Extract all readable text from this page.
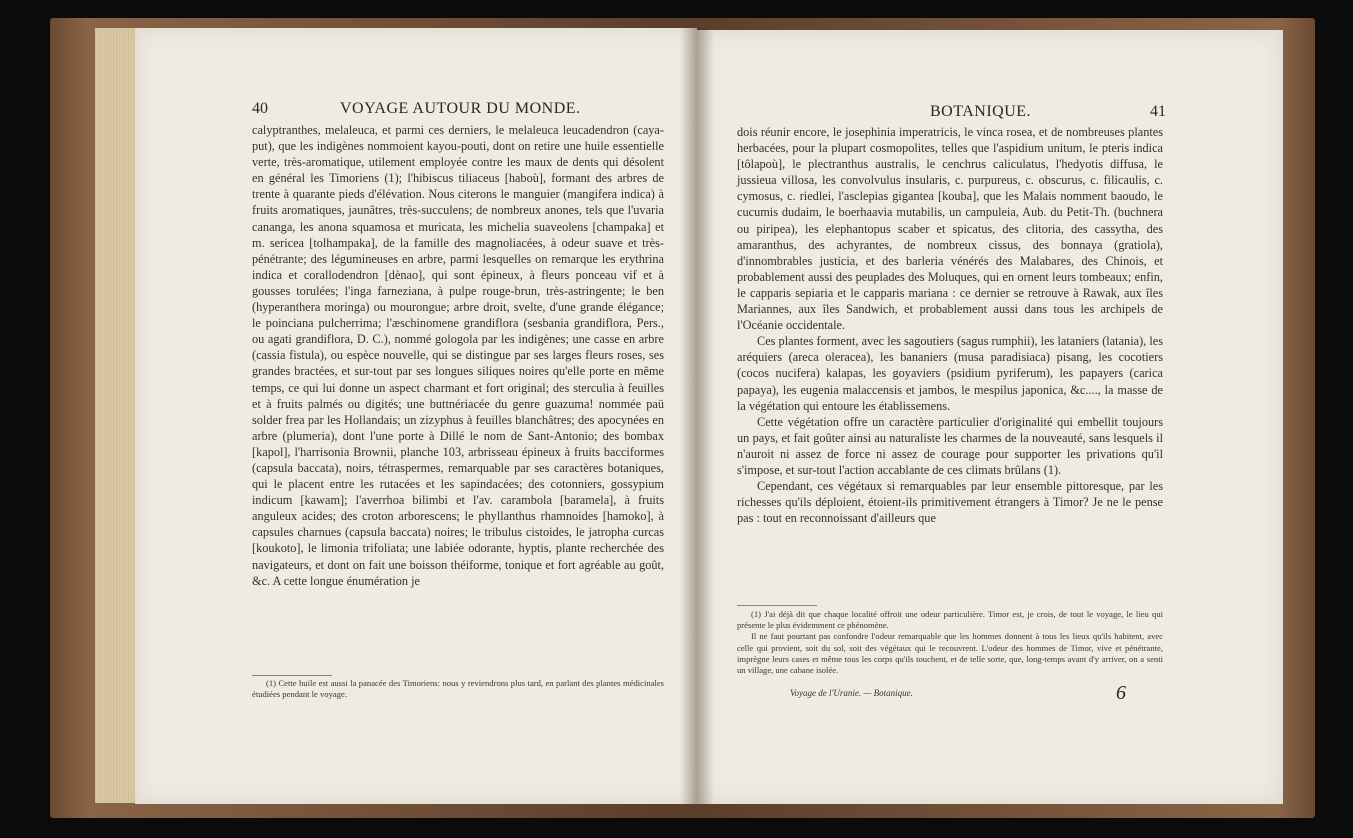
40	VOYAGE AUTOUR DU MONDE.

calyptranthes, melaleuca, et parmi ces derniers, le melaleuca leucadendron (caya-put), que les indigènes nommoient kayou-pouti, dont on retire une huile essentielle verte, très-aromatique, utilement employée contre les maux de dents qui désolent en général les Timoriens (1); l'hibiscus tiliaceus [haboù], formant des arbres de trente à quarante pieds d'élévation. Nous citerons le manguier (mangifera indica) à fruits aromatiques, jaunâtres, très-succulens; de nombreux anones, tels que l'uvaria cananga, les anona squamosa et muricata, les michelia suaveolens [champaka] et m. sericea [tolhampaka], de la famille des magnoliacées, à odeur suave et très-pénétrante; des légumineuses en arbre, parmi lesquelles on remarque les erythrina indica et corallodendron [dènao], qui sont épineux, à fleurs ponceau vif et à gousses torulées; l'inga farneziana, à pulpe rouge-brun, très-astringente; le ben (hyperanthera moringa) ou mourongue; arbre droit, svelte, d'une grande élégance; le poinciana pulcherrima; l'æschinomene grandiflora (sesbania grandiflora, Pers., ou agati grandiflora, D. C.), nommé gologola par les indigènes; une casse en arbre (cassia fistula), ou espèce nouvelle, qui se distingue par ses larges fleurs roses, ses grandes bractées, et sur-tout par ses longues siliques noires qu'elle porte en même temps, ce qui lui donne un aspect charmant et fort original; des sterculia à feuilles et à fruits palmés ou digités; une buttnériacée du genre guazuma! nommée paü solder frea par les Hollandais; un zizyphus à feuilles blanchâtres; des apocynées en arbre (plumeria), dont l'une porte à Dillé le nom de Sant-Antonio; des bombax [kapol], l'harrisonia Brownii, planche 103, arbrisseau épineux à fruits bacciformes (capsula baccata), noirs, tétraspermes, remarquable par ses caractères botaniques, qui le placent entre les rutacées et les sapindacées; des cotonniers, gossypium indicum [kawam]; l'averrhoa bilimbi et l'av. carambola [baramela], à fruits anguleux acides; des croton arborescens; le phyllanthus rhamnoides [hamoko], à capsules charnues (capsula baccata) noires; le tribulus cistoides, le jatropha curcas [koukoto], le limonia trifoliata; une labiée odorante, hyptis, plante recherchée des navigateurs, et dont on fait une boisson théiforme, tonique et fort agréable au goût, &c. A cette longue énumération je

(1) Cette huile est aussi la panacée des Timoriens: nous y reviendrons plus tard, en parlant des plantes médicinales étudiées pendant le voyage.

BOTANIQUE.	41

dois réunir encore, le josephinia imperatricis, le vinca rosea, et de nombreuses plantes herbacées, pour la plupart cosmopolites, telles que l'aspidium unitum, le pteris indica [tôlapoù], le plectranthus australis, le cenchrus caliculatus, l'hedyotis diffusa, le jussieua villosa, les convolvulus insularis, c. purpureus, c. obscurus, c. filicaulis, c. cymosus, c. riedlei, l'asclepias gigantea [kouba], que les Malais nomment baoudo, le cucumis dudaim, le boerhaavia mutabilis, un campuleia, Aub. du Petit-Th. (buchnera ou piripea), les elephantopus scaber et spicatus, des clitoria, des cassytha, des amaranthus, des achyrantes, de nombreux cissus, des bonnaya (gratiola), d'innombrables justicia, et des barleria vénérés des Malabares, des Chinois, et probablement aussi des peuplades des Moluques, qui en ornent leurs tombeaux; enfin, le capparis sepiaria et le capparis mariana : ce dernier se retrouve à Rawak, aux îles Mariannes, aux îles Sandwich, et probablement aussi dans tous les archipels de l'Océanie occidentale.

Ces plantes forment, avec les sagoutiers (sagus rumphii), les lataniers (latania), les aréquiers (areca oleracea), les bananiers (musa paradisiaca) pisang, les cocotiers (cocos nucifera) kalapas, les goyaviers (psidium pyriferum), les papayers (carica papaya), les eugenia malaccensis et jambos, le mespilus japonica, &c...., la masse de la végétation qui entoure les établissemens.

Cette végétation offre un caractère particulier d'originalité qui embellit toujours un pays, et fait goûter ainsi au naturaliste les charmes de la nouveauté, sans lesquels il n'auroit ni assez de force ni assez de courage pour supporter les privations qu'il s'impose, et sur-tout l'action accablante de ces climats brûlans (1).

Cependant, ces végétaux si remarquables par leur ensemble pittoresque, par les richesses qu'ils déploient, étoient-ils primitivement étrangers à Timor? Je ne le pense pas : tout en reconnoissant d'ailleurs que

(1) J'ai déjà dit que chaque localité offroit une odeur particulière. Timor est, je crois, de tout le voyage, le lieu qui présente le plus évidemment ce phénomène.

Il ne faut pourtant pas confondre l'odeur remarquable que les hommes donnent à tous les lieux qu'ils habitent, avec celle qui provient, soit du sol, soit des végétaux qui le recouvrent. L'odeur des hommes de Timor, vive et pénétrante, imprègne leurs cases et même tous les corps qu'ils touchent, et de telle sorte, que, long-temps avant d'y arriver, on a senti un village, une cabane isolée.

Voyage de l'Uranie. — Botanique.	6
